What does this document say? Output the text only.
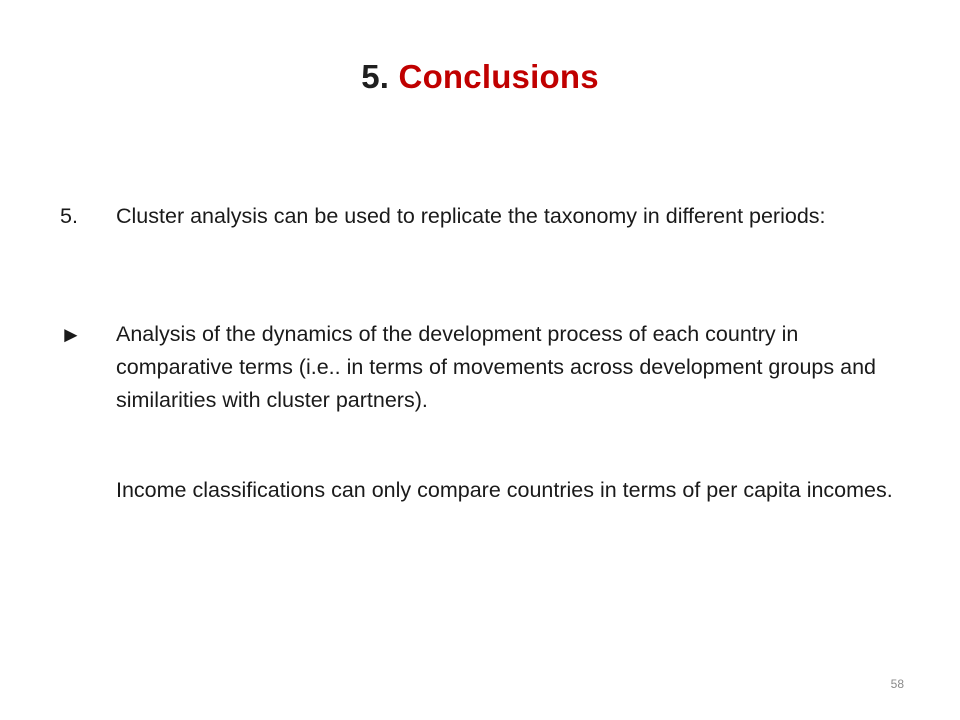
5. Conclusions
5. Cluster analysis can be used to replicate the taxonomy in different periods:
► Analysis of the dynamics of the development process of each country in comparative terms (i.e.. in terms of movements across development groups and similarities with cluster partners).
Income classifications can only compare countries in terms of per capita incomes.
58
